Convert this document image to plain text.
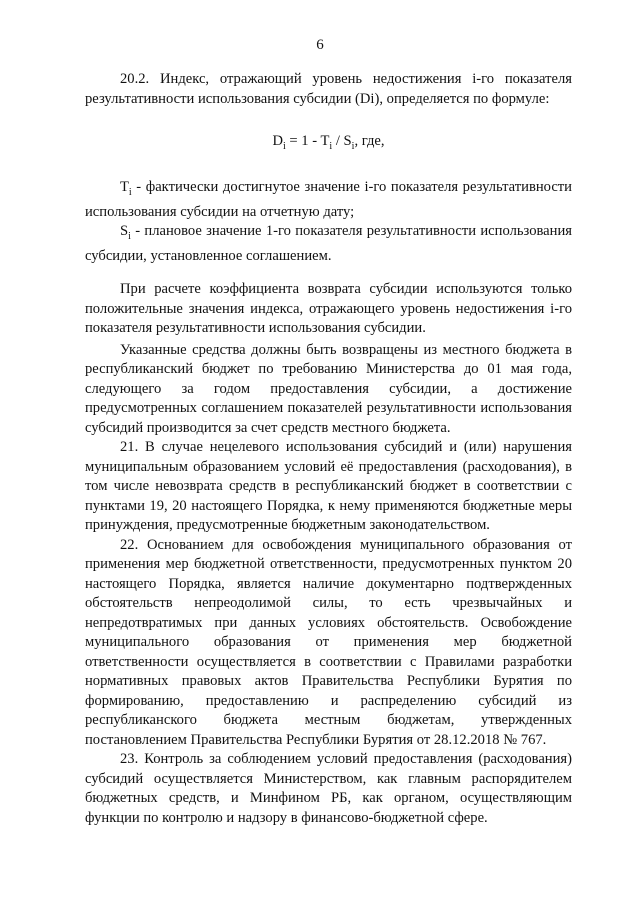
6

20.2. Индекс, отражающий уровень недостижения i-го показателя результативности использования субсидии (Di), определяется по формуле:

$D_i = 1 - T_i / S_i$, где,

$T_i$ - фактически достигнутое значение i-го показателя результативности использования субсидии на отчетную дату;

$S_i$ - плановое значение 1-го показателя результативности использования субсидии, установленное соглашением.

При расчете коэффициента возврата субсидии используются только положительные значения индекса, отражающего уровень недостижения i-го показателя результативности использования субсидии.

Указанные средства должны быть возвращены из местного бюджета в республиканский бюджет по требованию Министерства до 01 мая года, следующего за годом предоставления субсидии, а достижение предусмотренных соглашением показателей результативности использования субсидий производится за счет средств местного бюджета.

21. В случае нецелевого использования субсидий и (или) нарушения муниципальным образованием условий её предоставления (расходования), в том числе невозврата средств в республиканский бюджет в соответствии с пунктами 19, 20 настоящего Порядка, к нему применяются бюджетные меры принуждения, предусмотренные бюджетным законодательством.

22. Основанием для освобождения муниципального образования от применения мер бюджетной ответственности, предусмотренных пунктом 20 настоящего Порядка, является наличие документарно подтвержденных обстоятельств непреодолимой силы, то есть чрезвычайных и непредотвратимых при данных условиях обстоятельств. Освобождение муниципального образования от применения мер бюджетной ответственности осуществляется в соответствии с Правилами разработки нормативных правовых актов Правительства Республики Бурятия по формированию, предоставлению и распределению субсидий из республиканского бюджета местным бюджетам, утвержденных постановлением Правительства Республики Бурятия от 28.12.2018 № 767.

23. Контроль за соблюдением условий предоставления (расходования) субсидий осуществляется Министерством, как главным распорядителем бюджетных средств, и Минфином РБ, как органом, осуществляющим функции по контролю и надзору в финансово-бюджетной сфере.
